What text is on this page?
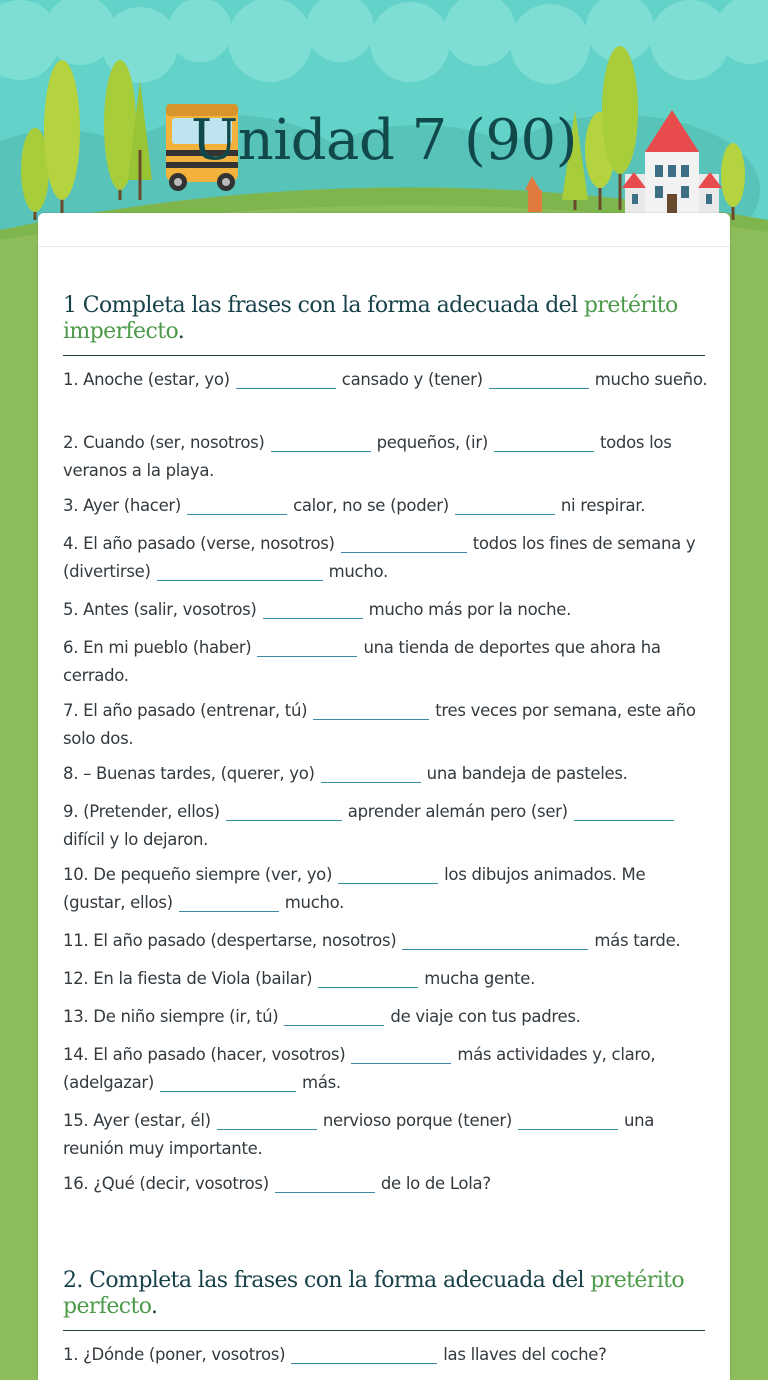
Unidad 7 (90)
1 Completa las frases con la forma adecuada del pretérito imperfecto.
1. Anoche (estar, yo)	cansado y (tener)	mucho sueño.
2. Cuando (ser, nosotros)	pequeños, (ir)	todos los veranos a la playa.
3. Ayer (hacer)	calor, no se (poder)	ni respirar.
4. El año pasado (verse, nosotros)	todos los fines de semana y (divertirse)	mucho.
5. Antes (salir, vosotros)	mucho más por la noche.
6. En mi pueblo (haber)	una tienda de deportes que ahora ha cerrado.
7. El año pasado (entrenar, tú)	tres veces por semana, este año solo dos.
8. – Buenas tardes, (querer, yo)	una bandeja de pasteles.
9. (Pretender, ellos)	aprender alemán pero (ser)difícil y lo dejaron.
10. De pequeño siempre (ver, yo)	los dibujos animados. Me (gustar, ellos)	mucho.
11. El año pasado (despertarse, nosotros)	más tarde.
12. En la fiesta de Viola (bailar)	mucha gente.
13. De niño siempre (ir, tú)	de viaje con tus padres.
14. El año pasado (hacer, vosotros)	más actividades y, claro, (adelgazar)	más.
15. Ayer (estar, él)	nervioso porque (tener)	una reunión muy importante.
16. ¿Qué (decir, vosotros)	de lo de Lola?
2. Completa las frases con la forma adecuada del pretérito perfecto.
1. ¿Dónde (poner, vosotros)	las llaves del coche?
